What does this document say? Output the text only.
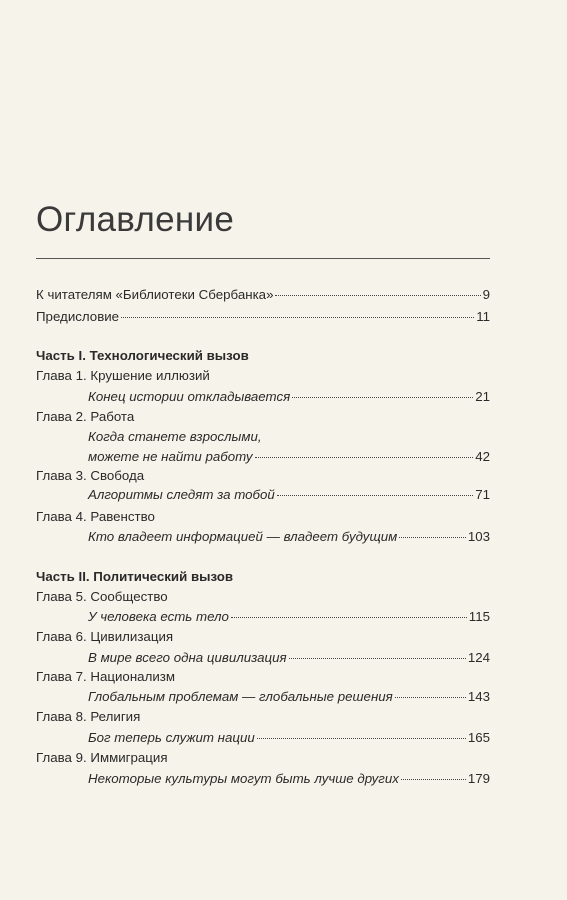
Оглавление
К читателям «Библиотеки Сбербанка»	9
Предисловие	11
Часть I. Технологический вызов
Глава 1. Крушение иллюзий
Конец истории откладывается	21
Глава 2. Работа
Когда станете взрослыми,
можете не найти работу	42
Глава 3. Свобода
Алгоритмы следят за тобой	71
Глава 4. Равенство
Кто владеет информацией — владеет будущим	103
Часть II. Политический вызов
Глава 5. Сообщество
У человека есть тело	115
Глава 6. Цивилизация
В мире всего одна цивилизация	124
Глава 7. Национализм
Глобальным проблемам — глобальные решения	143
Глава 8. Религия
Бог теперь служит нации	165
Глава 9. Иммиграция
Некоторые культуры могут быть лучше других	179
